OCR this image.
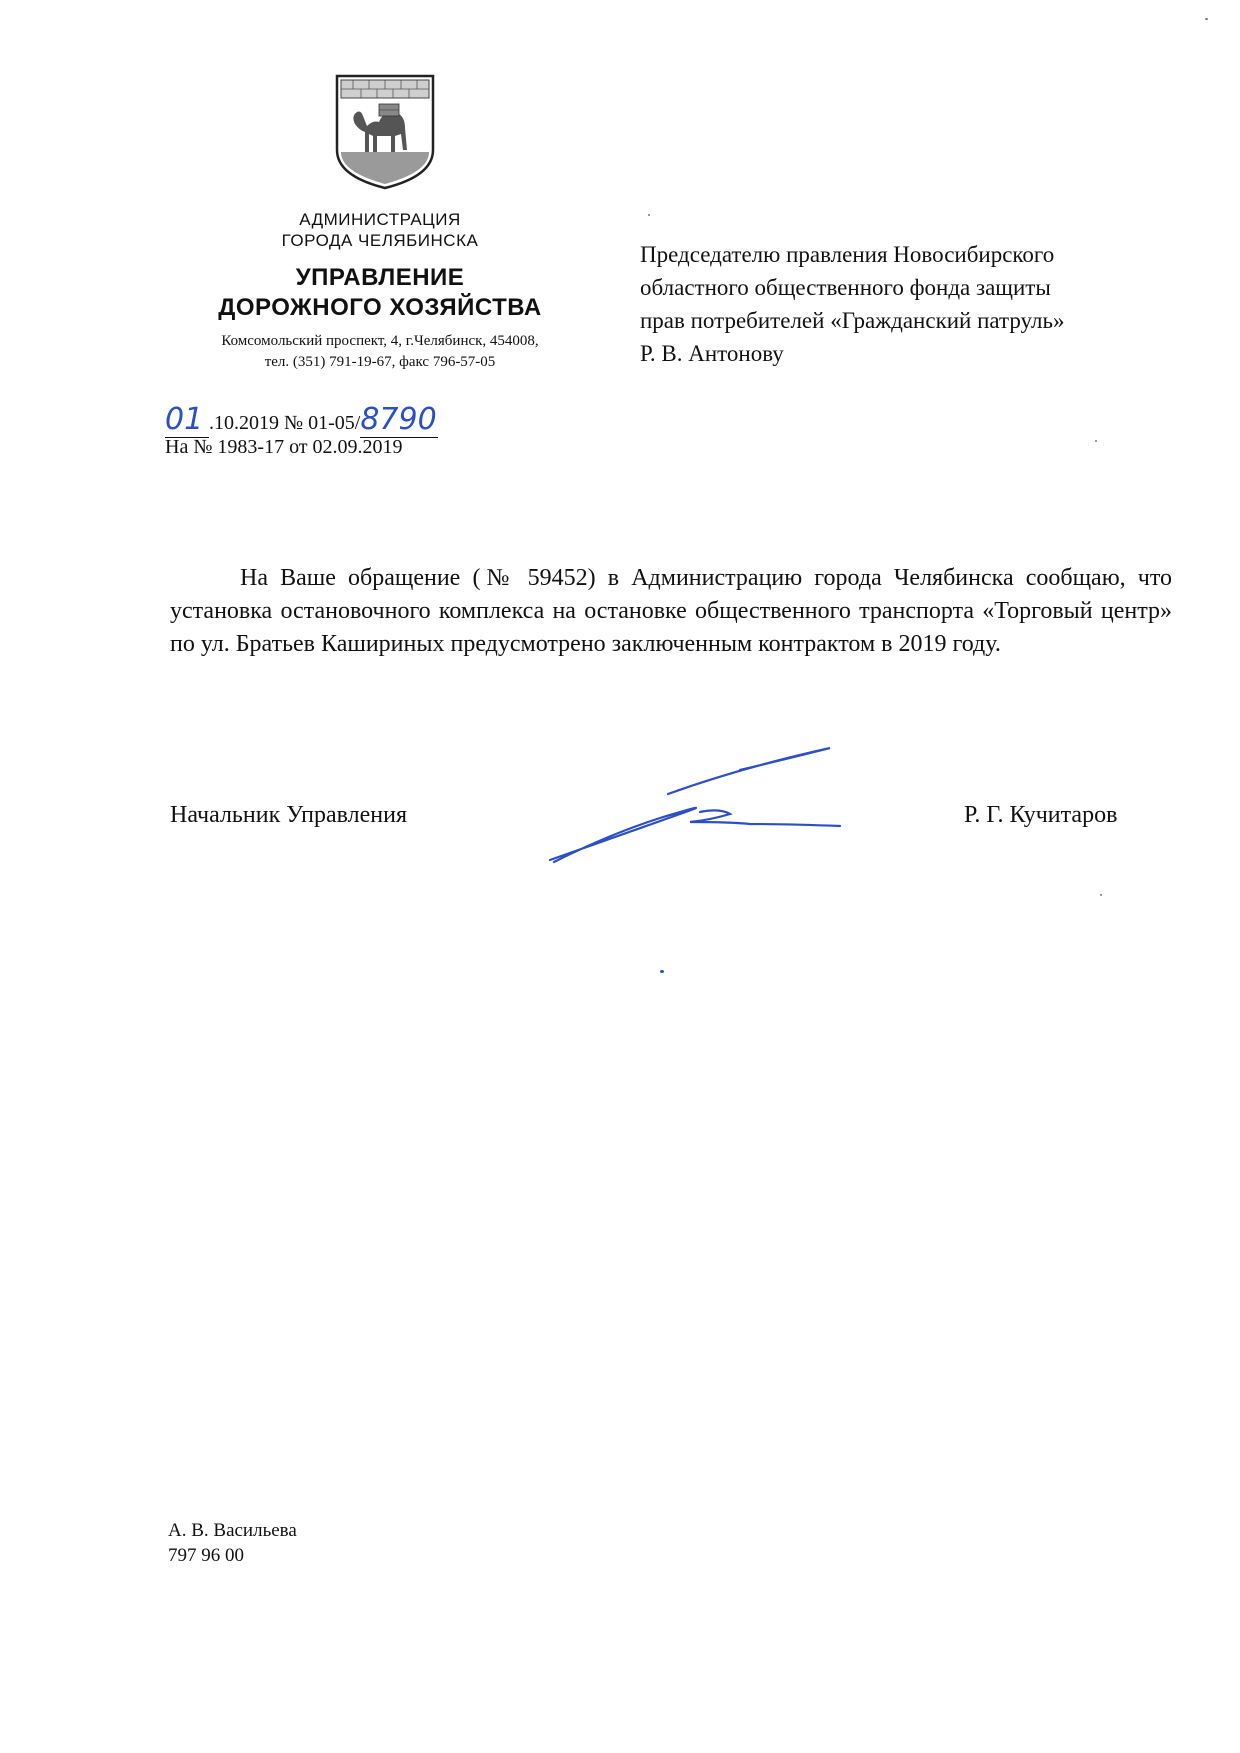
АДМИНИСТРАЦИЯ
ГОРОДА ЧЕЛЯБИНСКА
УПРАВЛЕНИЕ
ДОРОЖНОГО ХОЗЯЙСТВА
Комсомольский проспект, 4, г.Челябинск, 454008,
тел. (351) 791-19-67, факс 796-57-05
01 .10.2019 № 01-05/8790
На № 1983-17 от 02.09.2019
Председателю правления Новосибирского
областного общественного фонда защиты
прав потребителей «Гражданский патруль»
Р. В. Антонову
На Ваше обращение (№ 59452) в Администрацию города Челябинска сообщаю, что установка остановочного комплекса на остановке общественного транспорта «Торговый центр» по ул. Братьев Кашириных предусмотрено заключенным контрактом в 2019 году.
Начальник Управления	Р. Г. Кучитаров
А. В. Васильева
797 96 00
